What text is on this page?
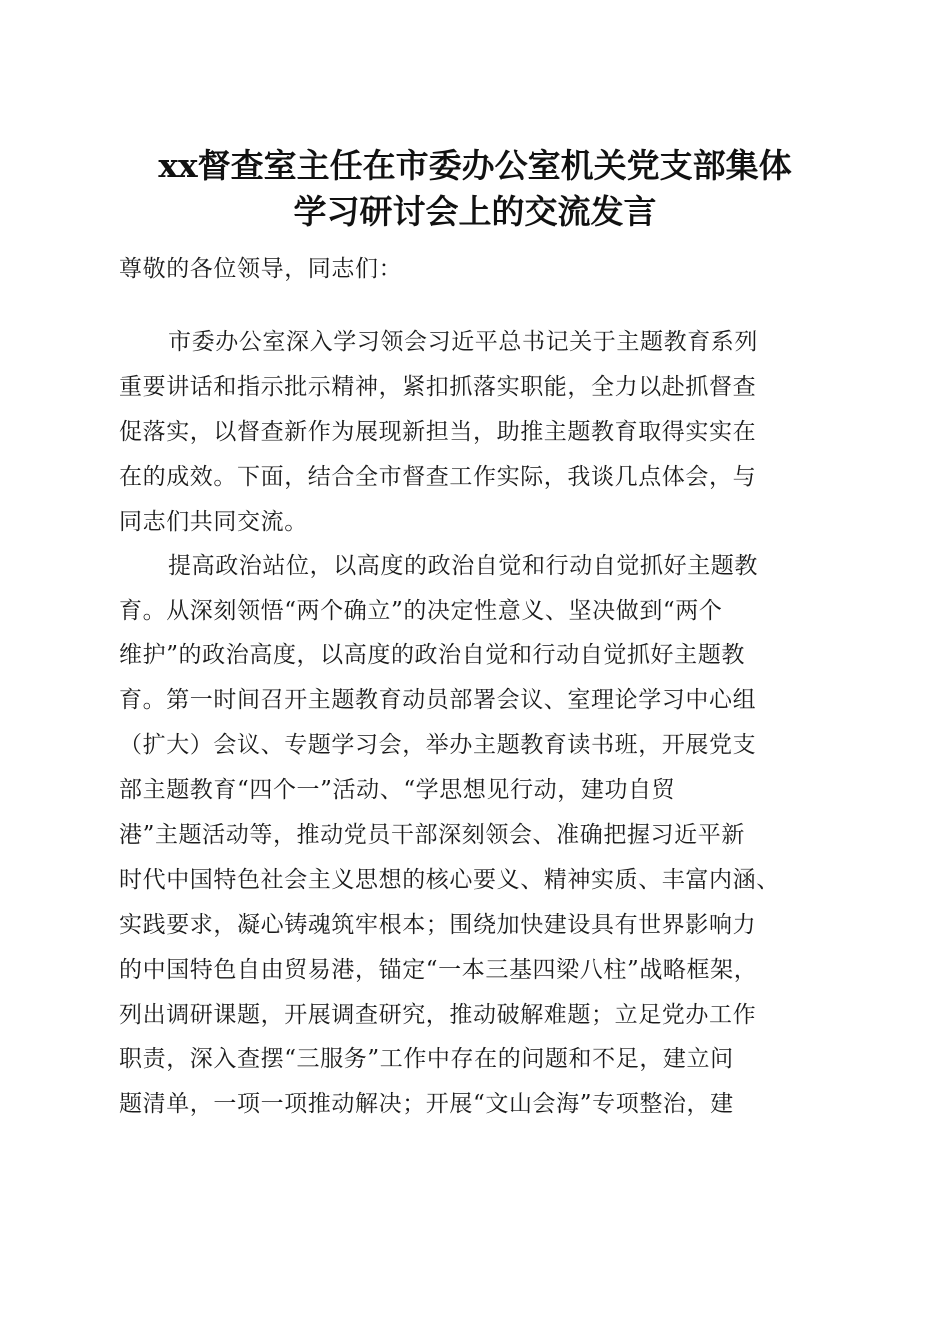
xx督查室主任在市委办公室机关党支部集体
学习研讨会上的交流发言
尊敬的各位领导，同志们：
市委办公室深入学习领会习近平总书记关于主题教育系列
重要讲话和指示批示精神，紧扣抓落实职能，全力以赴抓督查
促落实，以督查新作为展现新担当，助推主题教育取得实实在
在的成效。下面，结合全市督查工作实际，我谈几点体会，与
同志们共同交流。
提高政治站位，以高度的政治自觉和行动自觉抓好主题教
育。从深刻领悟“两个确立”的决定性意义、坚决做到“两个
维护”的政治高度，以高度的政治自觉和行动自觉抓好主题教
育。第一时间召开主题教育动员部署会议、室理论学习中心组
（扩大）会议、专题学习会，举办主题教育读书班，开展党支
部主题教育“四个一”活动、“学思想见行动，建功自贸
港”主题活动等，推动党员干部深刻领会、准确把握习近平新
时代中国特色社会主义思想的核心要义、精神实质、丰富内涵、
实践要求，凝心铸魂筑牢根本；围绕加快建设具有世界影响力
的中国特色自由贸易港，锚定“一本三基四梁八柱”战略框架，
列出调研课题，开展调查研究，推动破解难题；立足党办工作
职责，深入查摆“三服务”工作中存在的问题和不足，建立问
题清单，一项一项推动解决；开展“文山会海”专项整治，建
